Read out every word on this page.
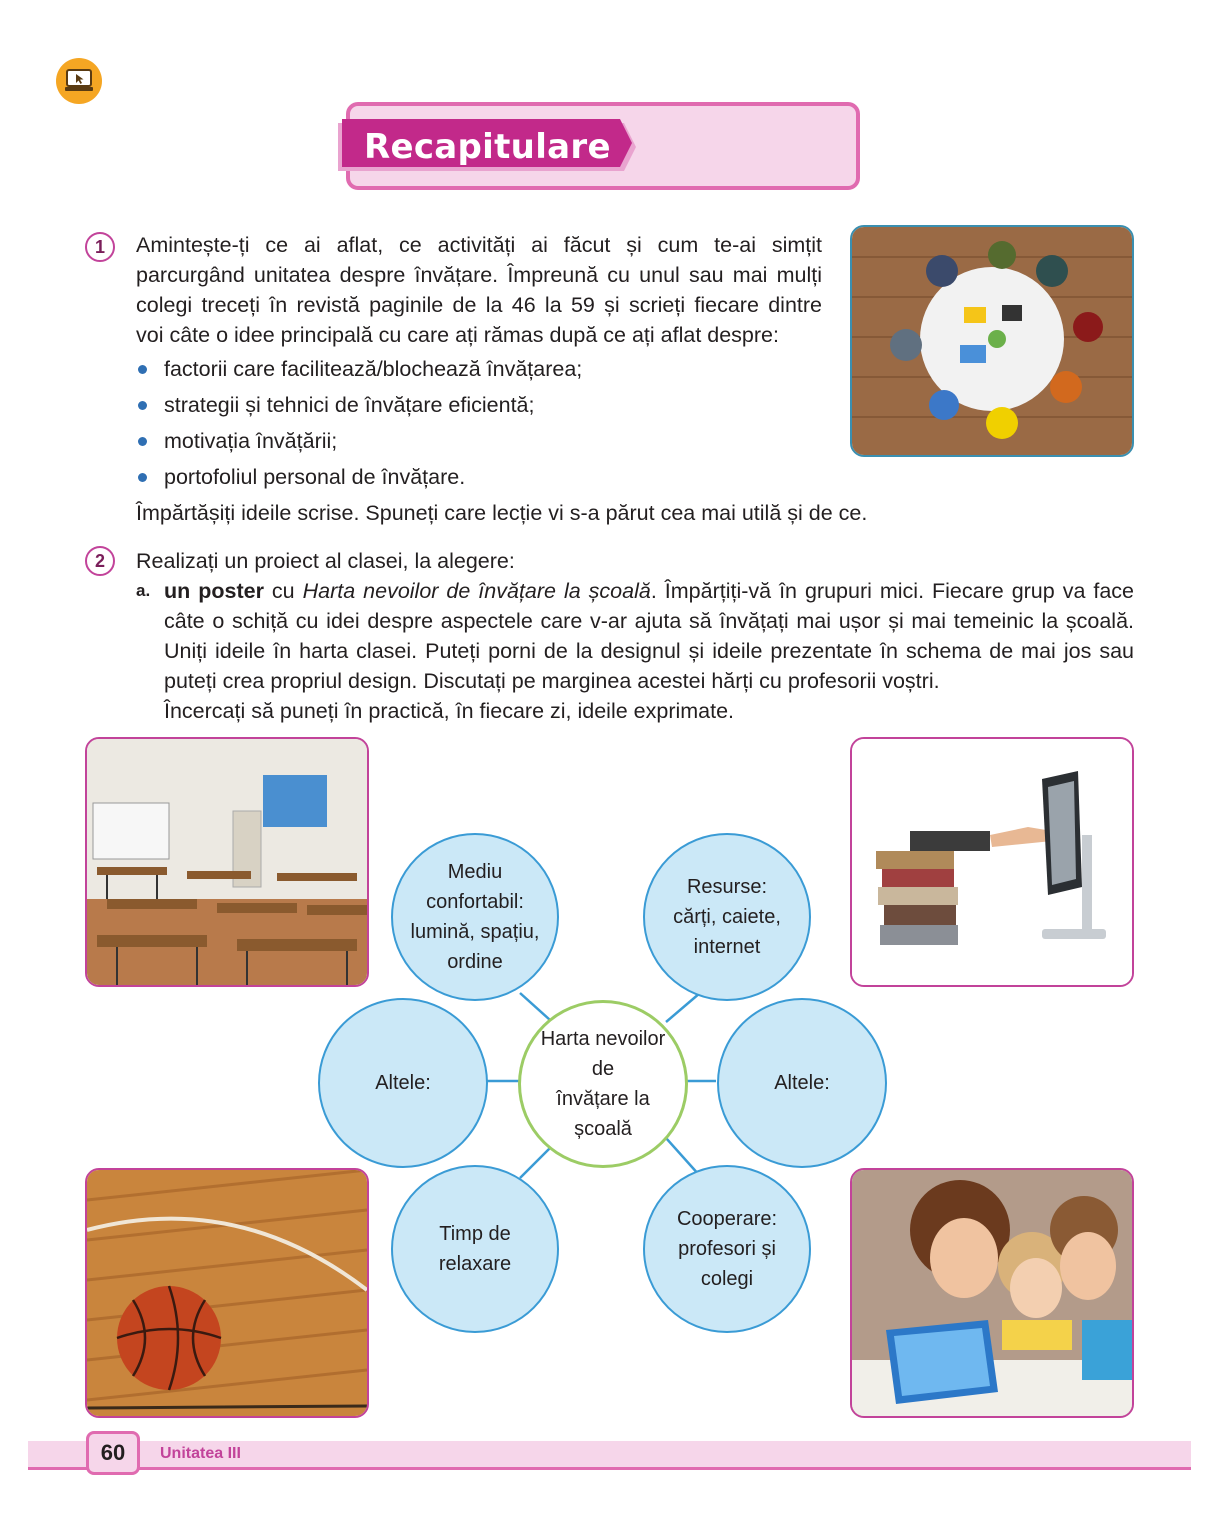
Recapitulare
1	Amintește-ți ce ai aflat, ce activități ai făcut și cum te-ai simțit
parcurgând unitatea despre învățare. Împreună cu unul sau mai mulți
colegi treceți în revistă paginile de la 46 la 59 și scrieți fiecare dintre
voi câte o idee principală cu care ați rămas după ce ați aflat despre:
factorii care facilitează/blochează învățarea;
strategii și tehnici de învățare eficientă;
motivația învățării;
portofoliul personal de învățare.
Împărtășiți ideile scrise. Spuneți care lecție vi s-a părut cea mai utilă și de ce.
2	Realizați un proiect al clasei, la alegere:
a. un poster cu Harta nevoilor de învățare la școală. Împărțiți-vă în grupuri mici. Fiecare grup va face
câte o schiță cu idei despre aspectele care v-ar ajuta să învățați mai ușor și mai temeinic la școală.
Uniți ideile în harta clasei. Puteți porni de la designul și ideile prezentate în schema de mai jos sau
puteți crea propriul design. Discutați pe marginea acestei hărți cu profesorii voștri.
Încercați să puneți în practică, în fiecare zi, ideile exprimate.
Mediu
confortabil:
lumină, spațiu,
ordine
Resurse:
cărți, caiete,
internet
Altele:
Harta nevoilor de
învățare la școală
Altele:
Timp de relaxare
Cooperare:
profesori și colegi
60	Unitatea III
